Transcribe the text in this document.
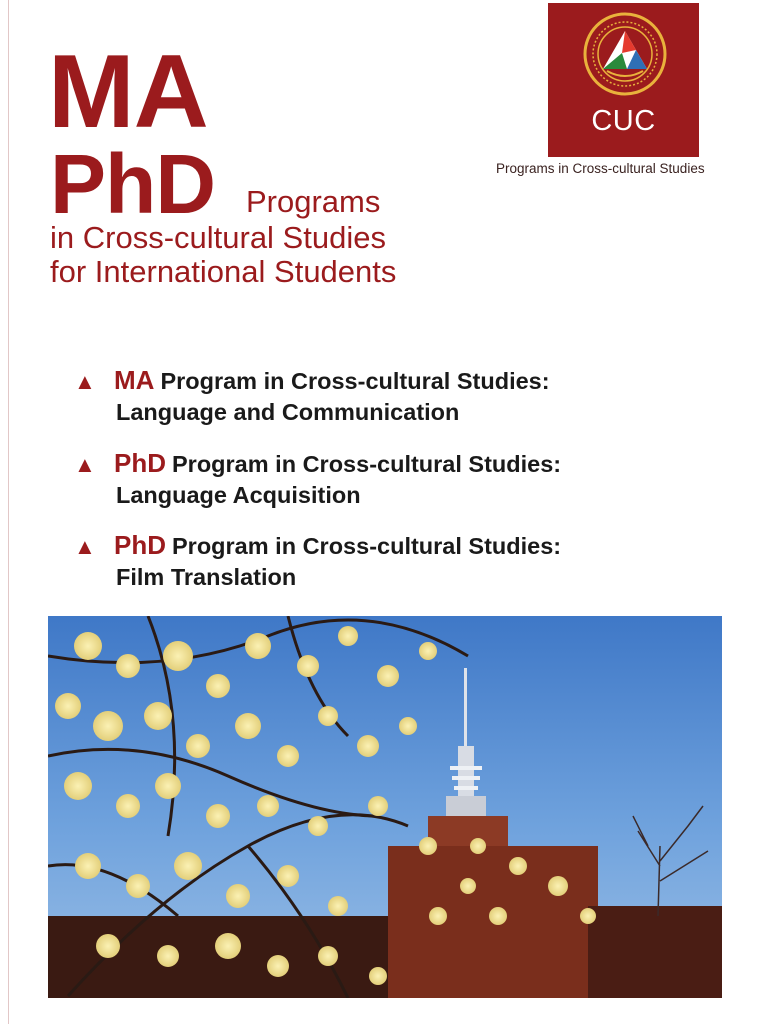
MA
PhD Programs
in Cross-cultural Studies
for International Students
CUC
Programs in Cross-cultural Studies
▲ MA Program in Cross-cultural Studies:
Language and Communication
▲ PhD Program in Cross-cultural Studies:
Language Acquisition
▲ PhD Program in Cross-cultural Studies:
Film Translation
